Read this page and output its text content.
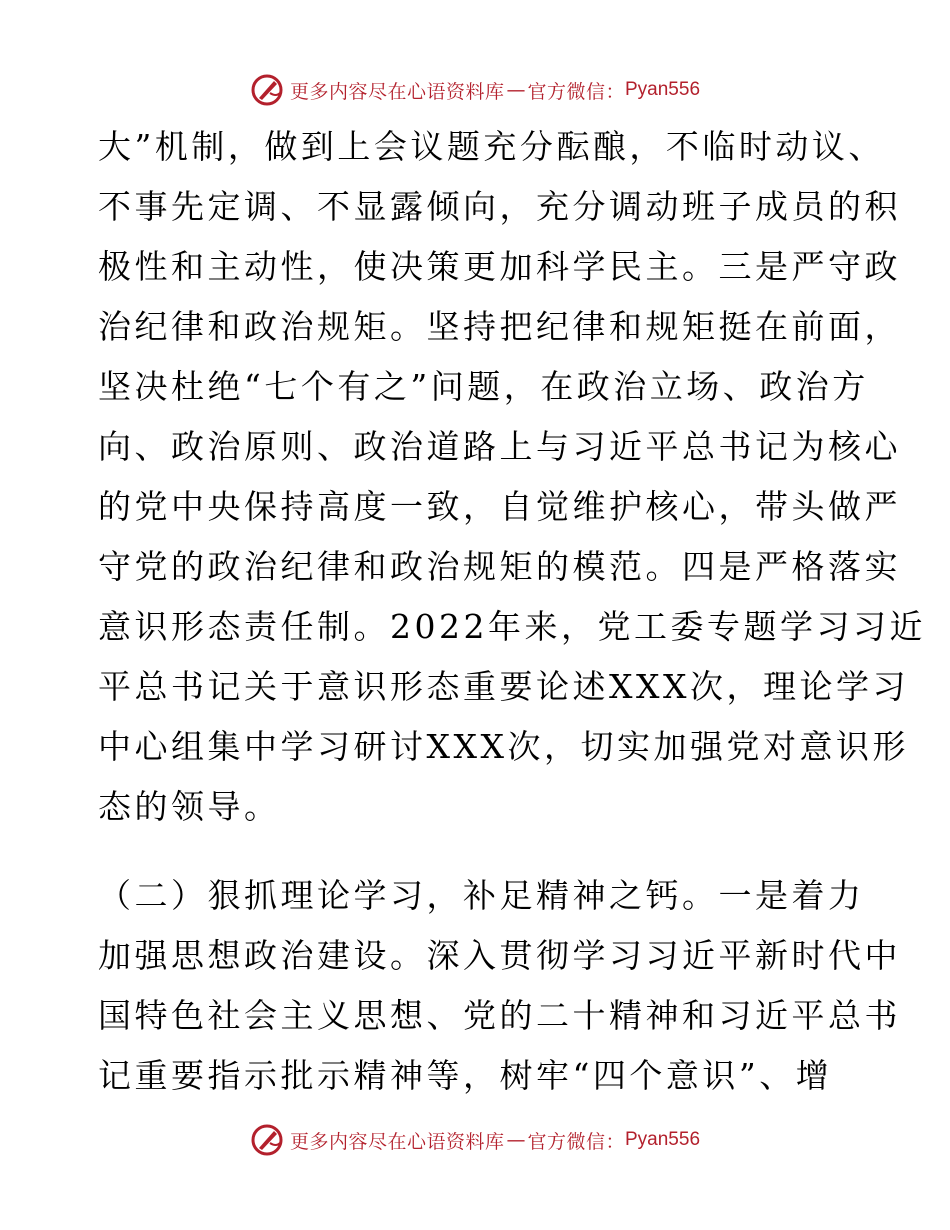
更多内容尽在心语资料库 — 官方微信： Pyan556
大”机制，做到上会议题充分酝酿，不临时动议、
不事先定调、不显露倾向，充分调动班子成员的积
极性和主动性，使决策更加科学民主。三是严守政
治纪律和政治规矩。坚持把纪律和规矩挺在前面，
坚决杜绝“七个有之”问题，在政治立场、政治方
向、政治原则、政治道路上与习近平总书记为核心
的党中央保持高度一致，自觉维护核心，带头做严
守党的政治纪律和政治规矩的模范。四是严格落实
意识形态责任制。2022年来，党工委专题学习习近
平总书记关于意识形态重要论述XXX次，理论学习
中心组集中学习研讨XXX次，切实加强党对意识形
态的领导。
（二）狠抓理论学习，补足精神之钙。一是着力
加强思想政治建设。深入贯彻学习习近平新时代中
国特色社会主义思想、党的二十精神和习近平总书
记重要指示批示精神等，树牢“四个意识”、增
更多内容尽在心语资料库 — 官方微信： Pyan556
